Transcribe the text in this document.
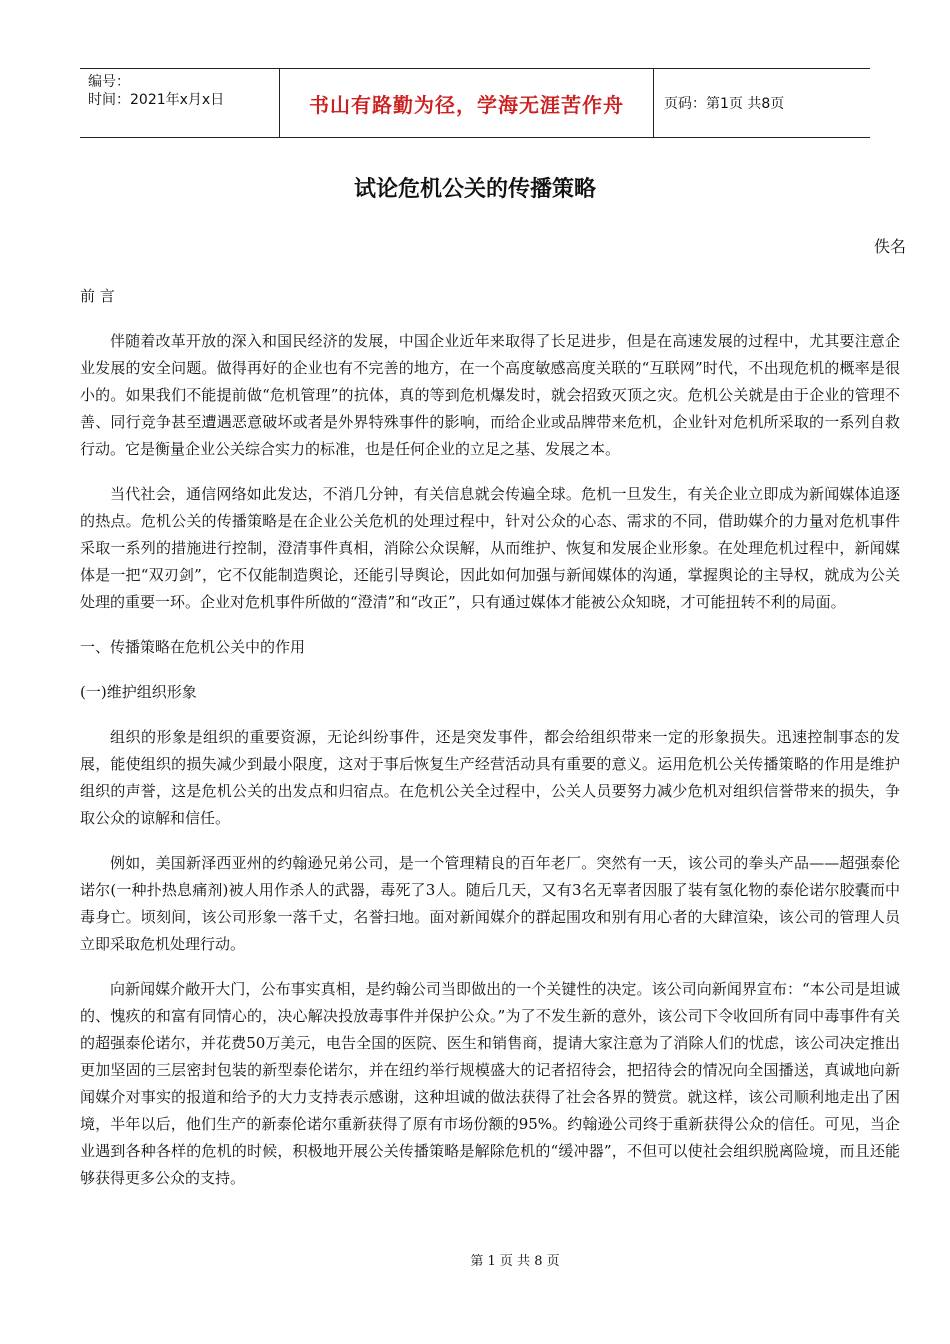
编号：
时间：2021年x月x日	书山有路勤为径，学海无涯苦作舟	页码：第1页 共8页
试论危机公关的传播策略
佚名

前 言

伴随着改革开放的深入和国民经济的发展，中国企业近年来取得了长足进步，但是在高速发展的过程中，尤其要注意企业发展的安全问题。做得再好的企业也有不完善的地方，在一个高度敏感高度关联的“互联网”时代，不出现危机的概率是很小的。如果我们不能提前做“危机管理”的抗体，真的等到危机爆发时，就会招致灭顶之灾。危机公关就是由于企业的管理不善、同行竞争甚至遭遇恶意破坏或者是外界特殊事件的影响，而给企业或品牌带来危机，企业针对危机所采取的一系列自救行动。它是衡量企业公关综合实力的标准，也是任何企业的立足之基、发展之本。

当代社会，通信网络如此发达，不消几分钟，有关信息就会传遍全球。危机一旦发生，有关企业立即成为新闻媒体追逐的热点。危机公关的传播策略是在企业公关危机的处理过程中，针对公众的心态、需求的不同，借助媒介的力量对危机事件采取一系列的措施进行控制，澄清事件真相，消除公众误解，从而维护、恢复和发展企业形象。在处理危机过程中，新闻媒体是一把“双刃剑”，它不仅能制造舆论，还能引导舆论，因此如何加强与新闻媒体的沟通，掌握舆论的主导权，就成为公关处理的重要一环。企业对危机事件所做的“澄清”和“改正”，只有通过媒体才能被公众知晓，才可能扭转不利的局面。

一、传播策略在危机公关中的作用

(一)维护组织形象

组织的形象是组织的重要资源，无论纠纷事件，还是突发事件，都会给组织带来一定的形象损失。迅速控制事态的发展，能使组织的损失减少到最小限度，这对于事后恢复生产经营活动具有重要的意义。运用危机公关传播策略的作用是维护组织的声誉，这是危机公关的出发点和归宿点。在危机公关全过程中，公关人员要努力减少危机对组织信誉带来的损失，争取公众的谅解和信任。

例如，美国新泽西亚州的约翰逊兄弟公司，是一个管理精良的百年老厂。突然有一天，该公司的拳头产品——超强泰伦诺尔(一种扑热息痛剂)被人用作杀人的武器，毒死了3人。随后几天，又有3名无辜者因服了装有氢化物的泰伦诺尔胶囊而中毒身亡。顷刻间，该公司形象一落千丈，名誉扫地。面对新闻媒介的群起围攻和别有用心者的大肆渲染，该公司的管理人员立即采取危机处理行动。

向新闻媒介敞开大门，公布事实真相，是约翰公司当即做出的一个关键性的决定。该公司向新闻界宣布：“本公司是坦诚的、愧疚的和富有同情心的，决心解决投放毒事件并保护公众。”为了不发生新的意外，该公司下令收回所有同中毒事件有关的超强泰伦诺尔，并花费50万美元，电告全国的医院、医生和销售商，提请大家注意为了消除人们的忧虑，该公司决定推出更加坚固的三层密封包装的新型泰伦诺尔，并在纽约举行规模盛大的记者招待会，把招待会的情况向全国播送，真诚地向新闻媒介对事实的报道和给予的大力支持表示感谢，这种坦诚的做法获得了社会各界的赞赏。就这样，该公司顺利地走出了困境，半年以后，他们生产的新泰伦诺尔重新获得了原有市场份额的95%。约翰逊公司终于重新获得公众的信任。可见，当企业遇到各种各样的危机的时候，积极地开展公关传播策略是解除危机的“缓冲器”，不但可以使社会组织脱离险境，而且还能够获得更多公众的支持。

第 1 页 共 8 页
